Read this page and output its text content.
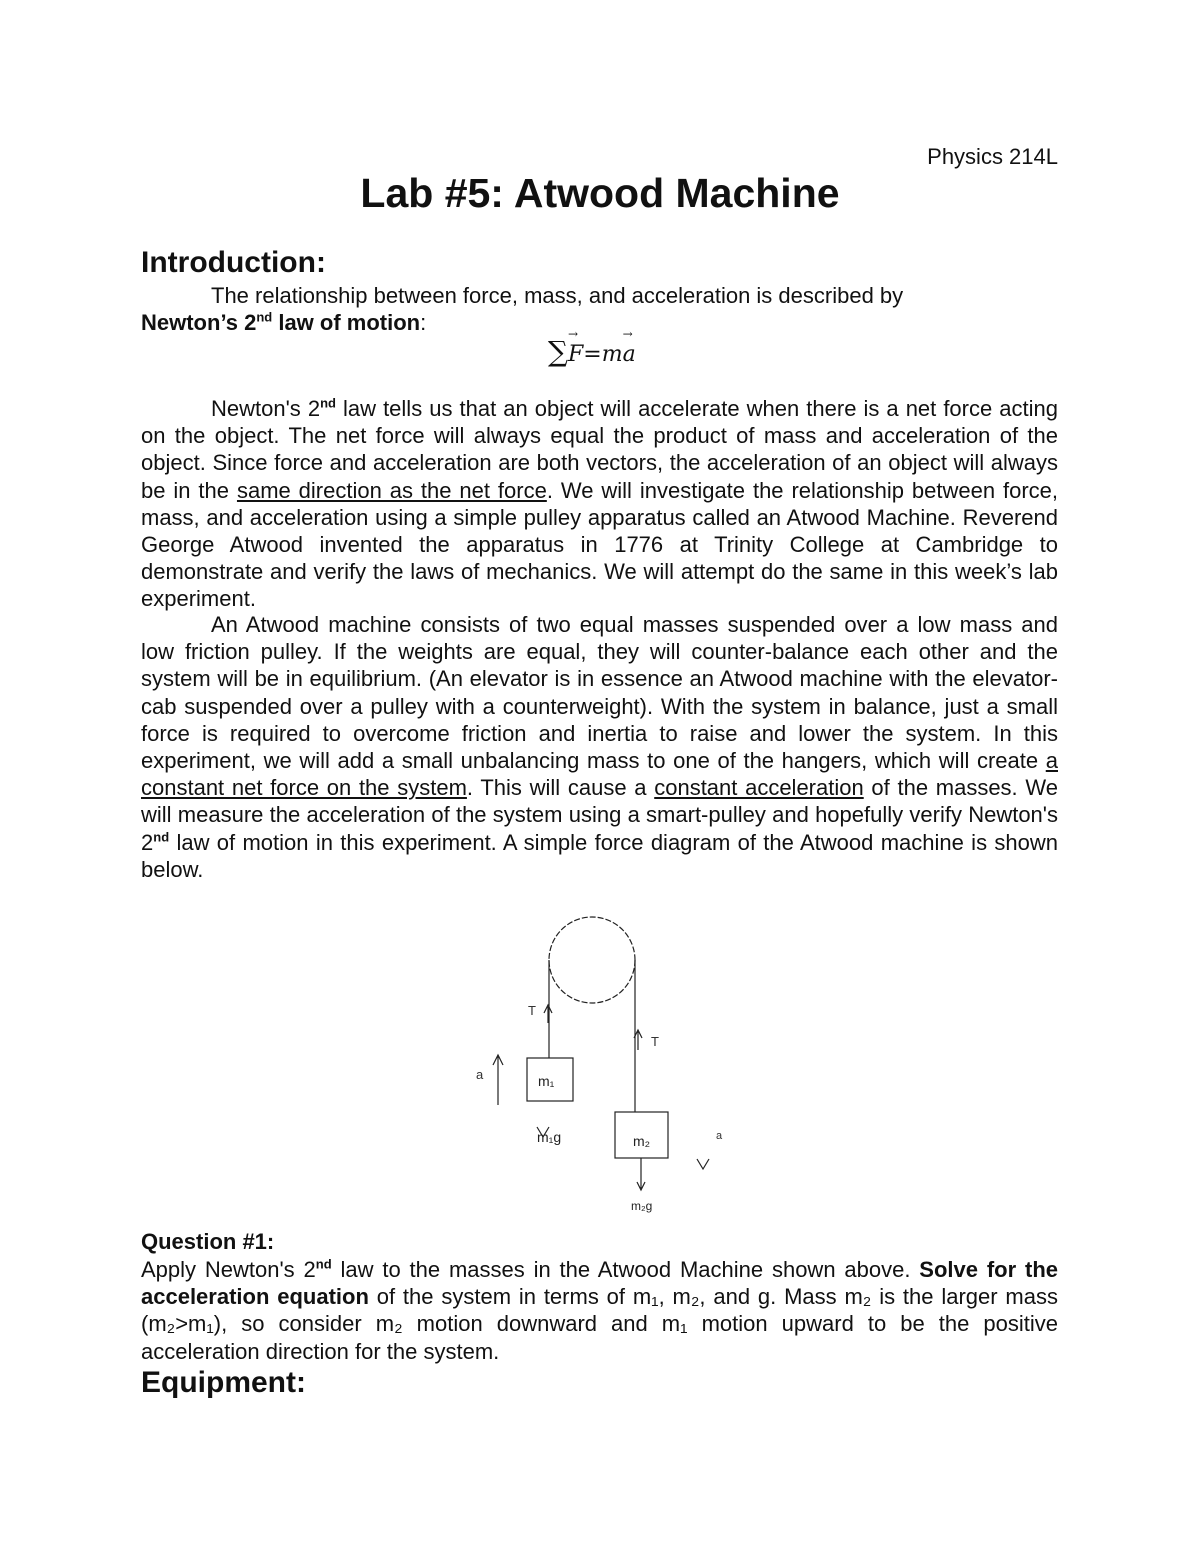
Physics 214L
Lab #5: Atwood Machine
Introduction:

The relationship between force, mass, and acceleration is described by

Newton’s 2nd law of motion:

∑→ F=m→ a

Newton's 2nd law tells us that an object will accelerate when there is a net force acting on the object. The net force will always equal the product of mass and acceleration of the object. Since force and acceleration are both vectors, the acceleration of an object will always be in the same direction as the net force. We will investigate the relationship between force, mass, and acceleration using a simple pulley apparatus called an Atwood Machine. Reverend George Atwood invented the apparatus in 1776 at Trinity College at Cambridge to demonstrate and verify the laws of mechanics. We will attempt do the same in this week’s lab experiment.

An Atwood machine consists of two equal masses suspended over a low mass and low friction pulley. If the weights are equal, they will counter-balance each other and the system will be in equilibrium. (An elevator is in essence an Atwood machine with the elevator-cab suspended over a pulley with a counterweight). With the system in balance, just a small force is required to overcome friction and inertia to raise and lower the system. In this experiment, we will add a small unbalancing mass to one of the hangers, which will create a constant net force on the system. This will cause a constant acceleration of the masses. We will measure the acceleration of the system using a smart-pulley and hopefully verify Newton's 2nd law of motion in this experiment. A simple force diagram of the Atwood machine is shown below.

T
T
a
a
m₁
m₂
m₁g
m₂g
Question #1:

Apply Newton's 2nd law to the masses in the Atwood Machine shown above. Solve for the acceleration equation of the system in terms of m₁, m₂, and g. Mass m₂ is the larger mass (m₂>m₁), so consider m₂ motion downward and m₁ motion upward to be the positive acceleration direction for the system.

Equipment:
